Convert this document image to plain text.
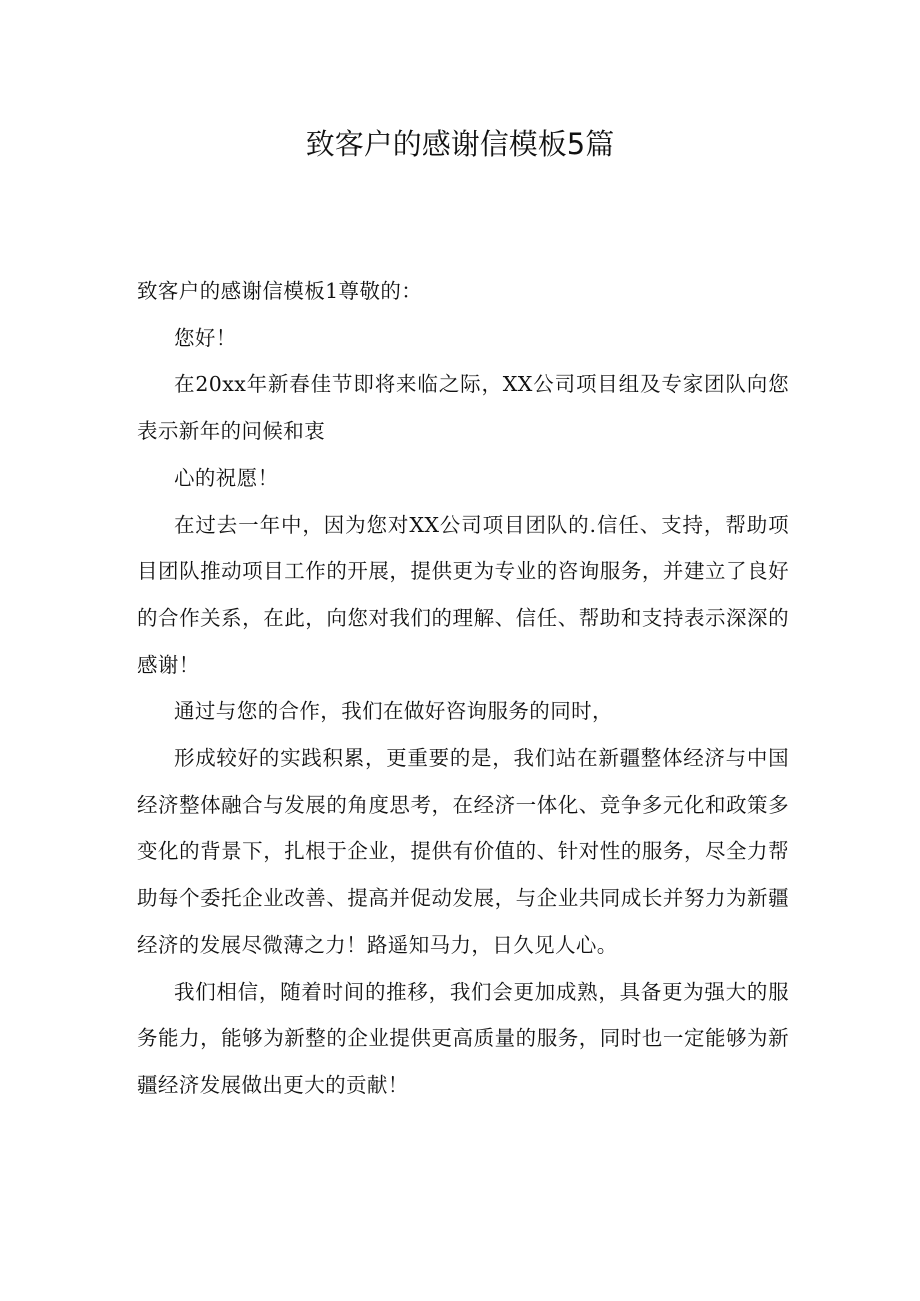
致客户的感谢信模板5篇

致客户的感谢信模板1尊敬的：

您好！

在20xx年新春佳节即将来临之际，XX公司项目组及专家团队向您表示新年的问候和衷

心的祝愿！

在过去一年中，因为您对XX公司项目团队的.信任、支持，帮助项目团队推动项目工作的开展，提供更为专业的咨询服务，并建立了良好的合作关系，在此，向您对我们的理解、信任、帮助和支持表示深深的感谢！

通过与您的合作，我们在做好咨询服务的同时，

形成较好的实践积累，更重要的是，我们站在新疆整体经济与中国经济整体融合与发展的角度思考，在经济一体化、竞争多元化和政策多变化的背景下，扎根于企业，提供有价值的、针对性的服务，尽全力帮助每个委托企业改善、提高并促动发展，与企业共同成长并努力为新疆经济的发展尽微薄之力！路遥知马力，日久见人心。

我们相信，随着时间的推移，我们会更加成熟，具备更为强大的服务能力，能够为新整的企业提供更高质量的服务，同时也一定能够为新疆经济发展做出更大的贡献！
